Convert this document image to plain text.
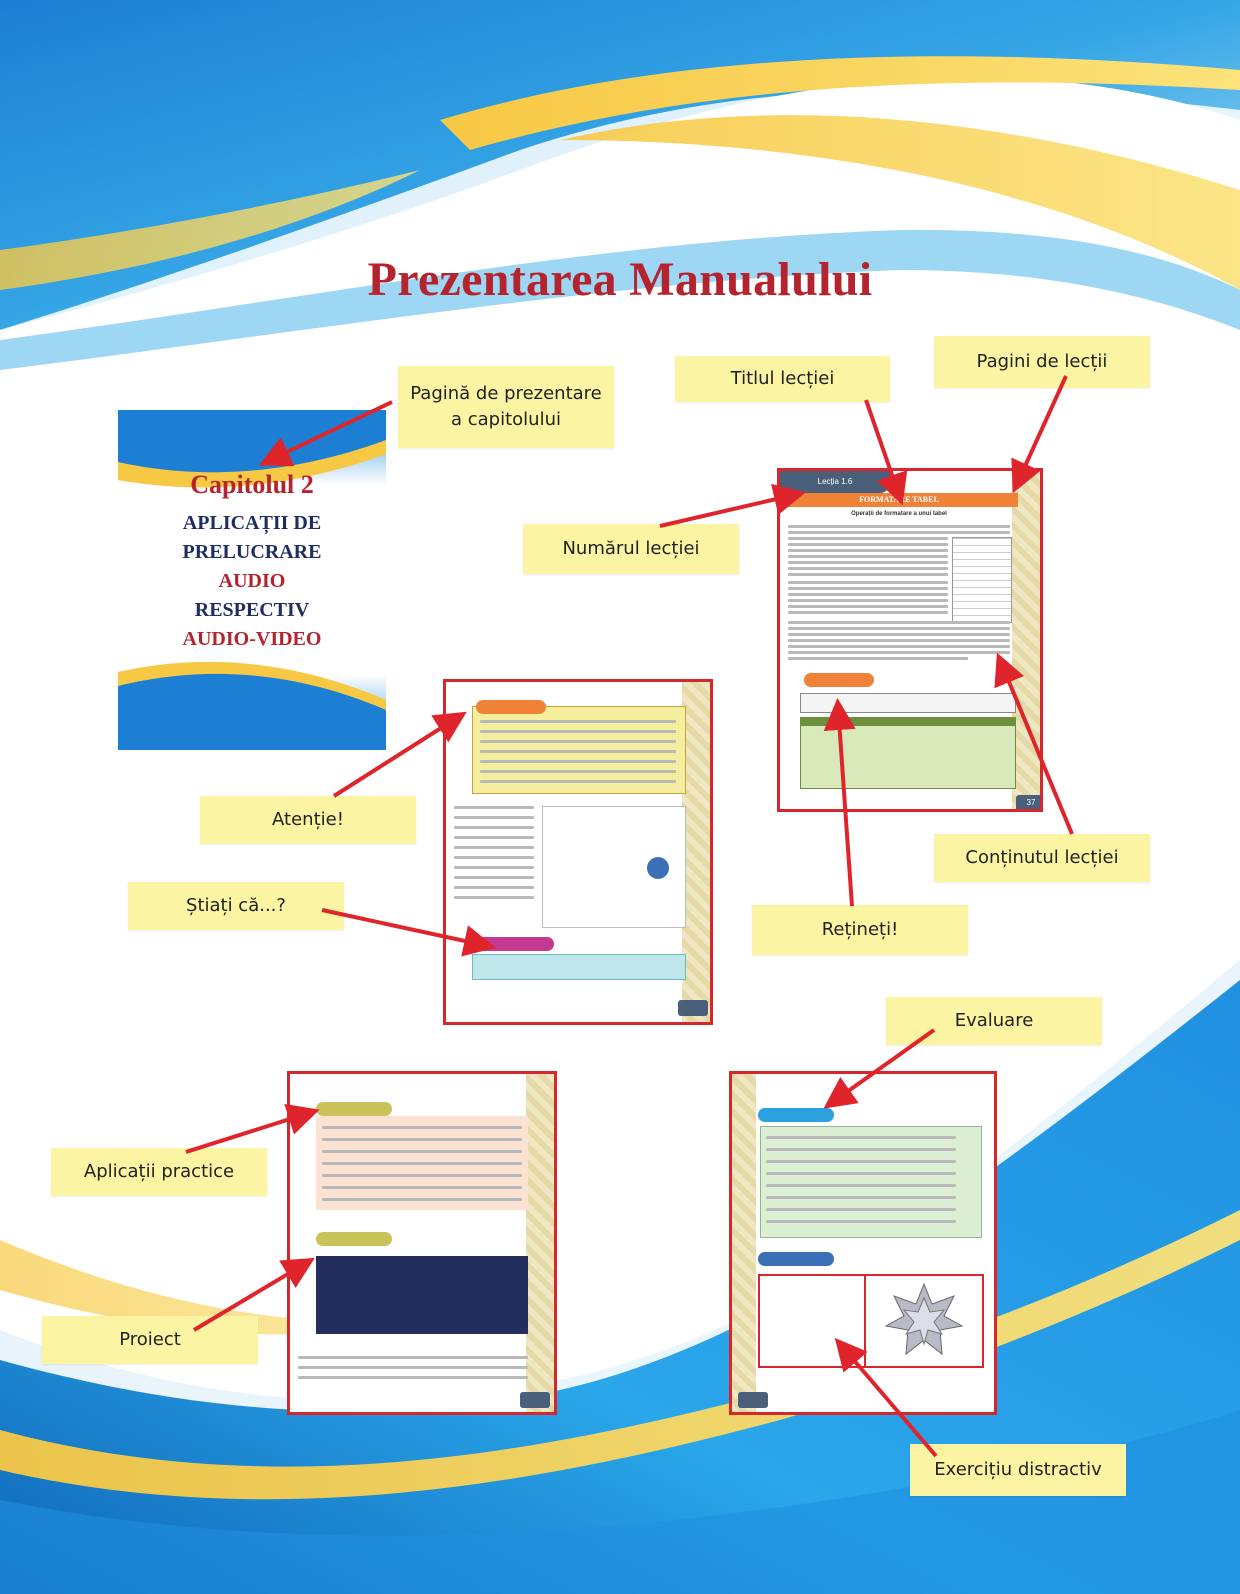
Prezentarea Manualului
Capitolul 2
APLICAȚII DE
PRELUCRARE
AUDIO
RESPECTIV
AUDIO-VIDEO
Lecția 1.6
FORMATARE TABEL
Operații de formatare a unui tabel
37
Pagină de prezentare
a capitolului
Titlul lecției
Pagini de lecții
Numărul lecției
Atenție!
Știați că...?
Rețineți!
Conținutul lecției
Evaluare
Aplicații practice
Proiect
Exercițiu distractiv
